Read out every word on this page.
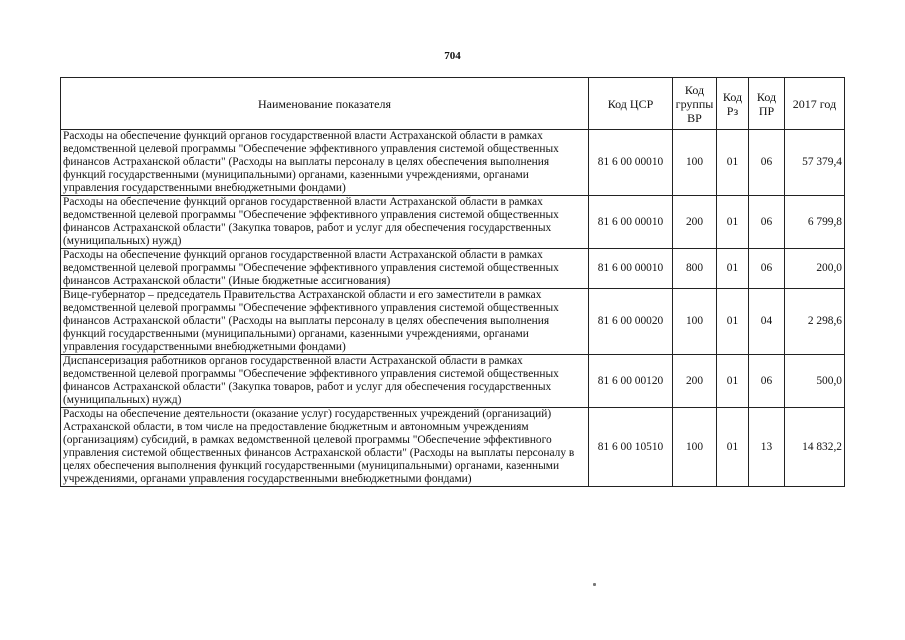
704
Наименование показателя	Код ЦСР	Код группы ВР	Код Рз	Код ПР	2017 год
Расходы на обеспечение функций органов государственной власти Астраханской области в рамках ведомственной целевой программы "Обеспечение эффективного управления системой общественных финансов Астраханской области" (Расходы на выплаты персоналу в целях обеспечения выполнения функций государственными (муниципальными) органами, казенными учреждениями, органами управления государственными внебюджетными фондами)	81 6 00 00010	100	01	06	57 379,4
Расходы на обеспечение функций органов государственной власти Астраханской области в рамках ведомственной целевой программы "Обеспечение эффективного управления системой общественных финансов Астраханской области" (Закупка товаров, работ и услуг для обеспечения государственных (муниципальных) нужд)	81 6 00 00010	200	01	06	6 799,8
Расходы на обеспечение функций органов государственной власти Астраханской области в рамках ведомственной целевой программы "Обеспечение эффективного управления системой общественных финансов Астраханской области" (Иные бюджетные ассигнования)	81 6 00 00010	800	01	06	200,0
Вице-губернатор – председатель Правительства Астраханской области и его заместители в рамках ведомственной целевой программы "Обеспечение эффективного управления системой общественных финансов Астраханской области" (Расходы на выплаты персоналу в целях обеспечения выполнения функций государственными (муниципальными) органами, казенными учреждениями, органами управления государственными внебюджетными фондами)	81 6 00 00020	100	01	04	2 298,6
Диспансеризация работников органов государственной власти Астраханской области в рамках ведомственной целевой программы "Обеспечение эффективного управления системой общественных финансов Астраханской области" (Закупка товаров, работ и услуг для обеспечения государственных (муниципальных) нужд)	81 6 00 00120	200	01	06	500,0
Расходы на обеспечение деятельности (оказание услуг) государственных учреждений (организаций) Астраханской области, в том числе на предоставление бюджетным и автономным учреждениям (организациям) субсидий, в рамках ведомственной целевой программы "Обеспечение эффективного управления системой общественных финансов Астраханской области" (Расходы на выплаты персоналу в целях обеспечения выполнения функций государственными (муниципальными) органами, казенными учреждениями, органами управления государственными внебюджетными фондами)	81 6 00 10510	100	01	13	14 832,2
